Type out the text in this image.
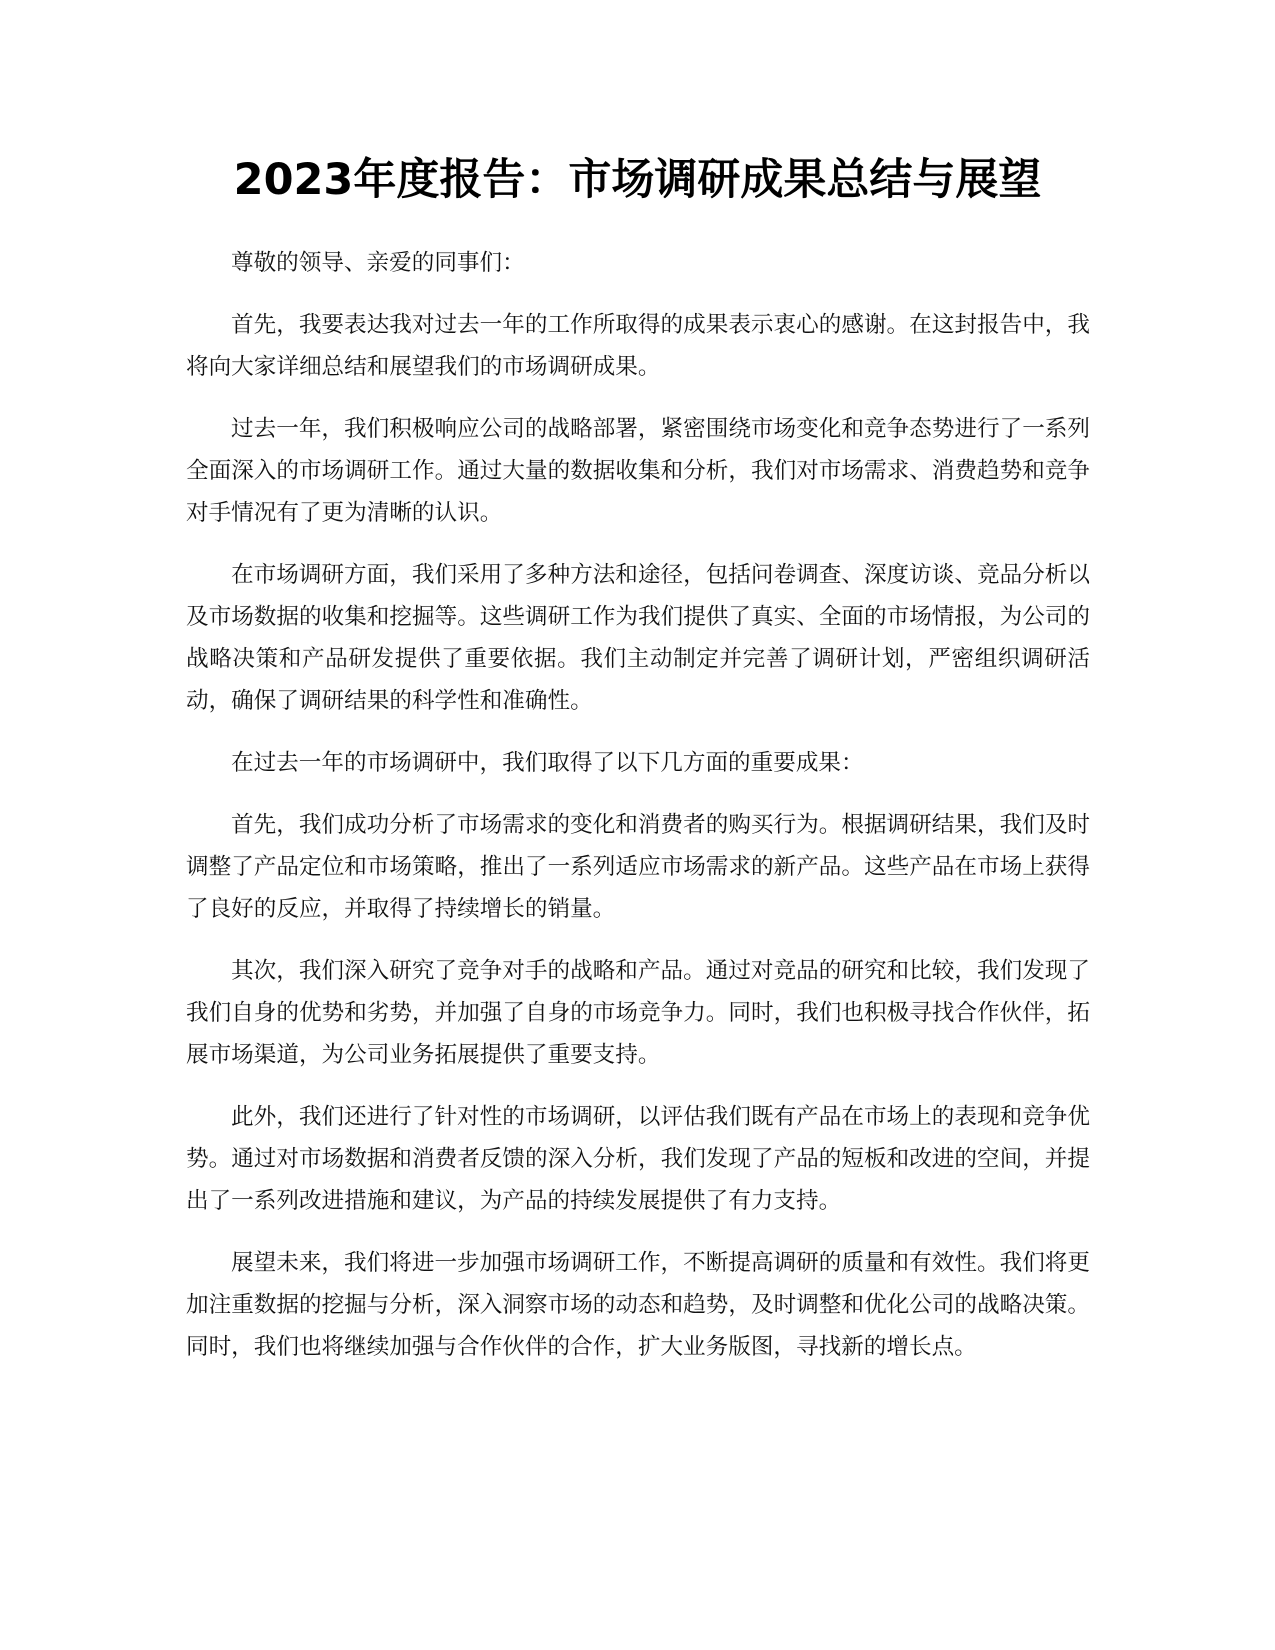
2023年度报告：市场调研成果总结与展望

尊敬的领导、亲爱的同事们：

首先，我要表达我对过去一年的工作所取得的成果表示衷心的感谢。在这封报告中，我将向大家详细总结和展望我们的市场调研成果。

过去一年，我们积极响应公司的战略部署，紧密围绕市场变化和竞争态势进行了一系列全面深入的市场调研工作。通过大量的数据收集和分析，我们对市场需求、消费趋势和竞争对手情况有了更为清晰的认识。

在市场调研方面，我们采用了多种方法和途径，包括问卷调查、深度访谈、竞品分析以及市场数据的收集和挖掘等。这些调研工作为我们提供了真实、全面的市场情报，为公司的战略决策和产品研发提供了重要依据。我们主动制定并完善了调研计划，严密组织调研活动，确保了调研结果的科学性和准确性。

在过去一年的市场调研中，我们取得了以下几方面的重要成果：

首先，我们成功分析了市场需求的变化和消费者的购买行为。根据调研结果，我们及时调整了产品定位和市场策略，推出了一系列适应市场需求的新产品。这些产品在市场上获得了良好的反应，并取得了持续增长的销量。

其次，我们深入研究了竞争对手的战略和产品。通过对竞品的研究和比较，我们发现了我们自身的优势和劣势，并加强了自身的市场竞争力。同时，我们也积极寻找合作伙伴，拓展市场渠道，为公司业务拓展提供了重要支持。

此外，我们还进行了针对性的市场调研，以评估我们既有产品在市场上的表现和竞争优势。通过对市场数据和消费者反馈的深入分析，我们发现了产品的短板和改进的空间，并提出了一系列改进措施和建议，为产品的持续发展提供了有力支持。

展望未来，我们将进一步加强市场调研工作，不断提高调研的质量和有效性。我们将更加注重数据的挖掘与分析，深入洞察市场的动态和趋势，及时调整和优化公司的战略决策。同时，我们也将继续加强与合作伙伴的合作，扩大业务版图，寻找新的增长点。
